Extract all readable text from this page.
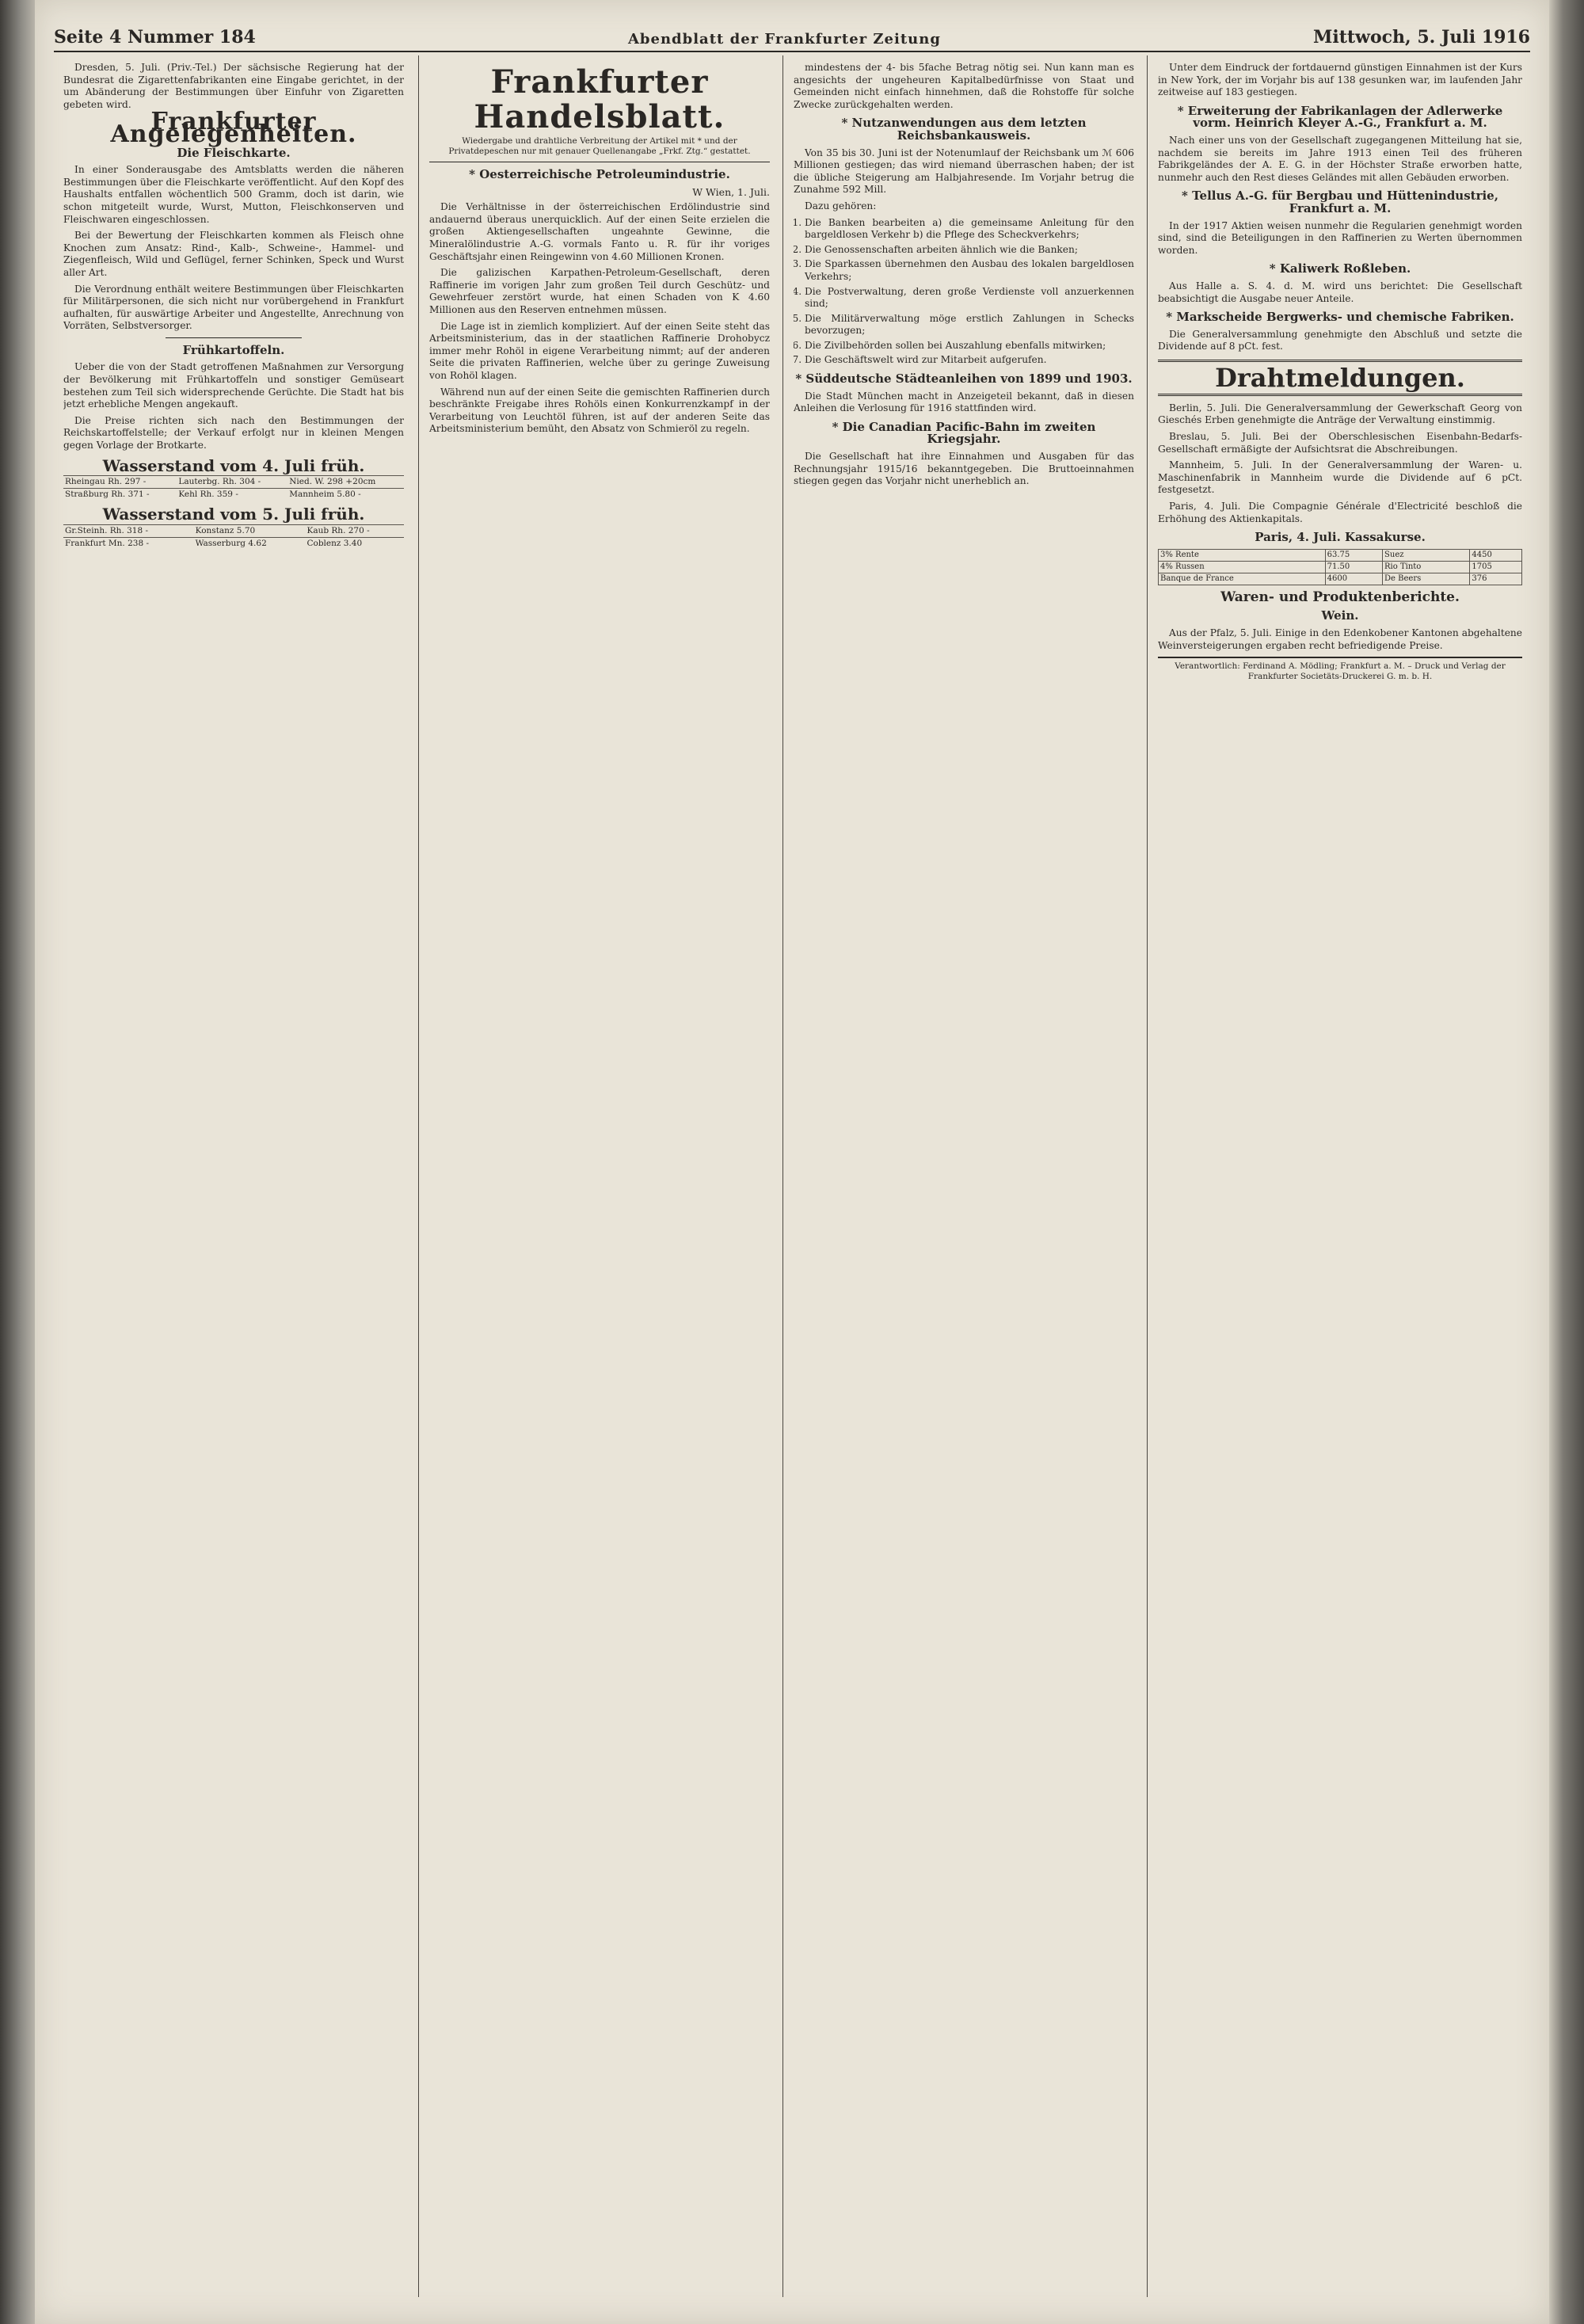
Seite 4 Nummer 184	Abendblatt der Frankfurter Zeitung	Mittwoch, 5. Juli 1916

Dresden, 5. Juli. (Priv.-Tel.) Der sächsische Regierung hat der Bundesrat die Zigarettenfabrikanten eine Eingabe gerichtet, in der um Abänderung der Bestimmungen über Einfuhr von Zigaretten gebeten wird.

Frankfurter Angelegenheiten.
Die Fleischkarte.

In einer Sonderausgabe des Amtsblatts werden die näheren Bestimmungen über die Fleischkarte veröffentlicht. Auf den Kopf des Haushalts entfallen wöchentlich 500 Gramm, doch ist darin, wie schon mitgeteilt wurde, Wurst, Mutton, Fleischkonserven und Fleischwaren eingeschlossen.

Bei der Bewertung der Fleischkarten kommen als Fleisch ohne Knochen zum Ansatz: Rind-, Kalb-, Schweine-, Hammel- und Ziegenfleisch, Wild und Geflügel, ferner Schinken, Speck und Wurst aller Art.

Die Verordnung enthält weitere Bestimmungen über Fleischkarten für Militärpersonen, die sich nicht nur vorübergehend in Frankfurt aufhalten, für auswärtige Arbeiter und Angestellte, Anrechnung von Vorräten, Selbstversorger.

Frühkartoffeln.

Ueber die von der Stadt getroffenen Maßnahmen zur Versorgung der Bevölkerung mit Frühkartoffeln und sonstiger Gemüseart bestehen zum Teil sich widersprechende Gerüchte. Die Stadt hat bis jetzt erhebliche Mengen angekauft.

Die Preise richten sich nach den Bestimmungen der Reichskartoffelstelle; der Verkauf erfolgt nur in kleinen Mengen gegen Vorlage der Brotkarte.

Wasserstand vom 4. Juli früh.
Rheingau Rh. 297 -	Lauterbg. Rh. 304 -	Nied. W. 298 +20cm
Straßburg Rh. 371 -	Kehl Rh. 359 -	Mannheim 5.80 -
Wasserstand vom 5. Juli früh.
Gr.Steinh. Rh. 318 -	Konstanz 5.70	Kaub Rh. 270 -
Frankfurt Mn. 238 -	Wasserburg 4.62	Coblenz 3.40
Frankfurter Handelsblatt.
Wiedergabe und drahtliche Verbreitung der Artikel mit * und der Privatdepeschen nur mit genauer Quellenangabe „Frkf. Ztg.“ gestattet.
* Oesterreichische Petroleumindustrie.
W Wien, 1. Juli.

Die Verhältnisse in der österreichischen Erdölindustrie sind andauernd überaus unerquicklich. Auf der einen Seite erzielen die großen Aktiengesellschaften ungeahnte Gewinne, die Mineralölindustrie A.-G. vormals Fanto u. R. für ihr voriges Geschäftsjahr einen Reingewinn von 4.60 Millionen Kronen.

Die galizischen Karpathen-Petroleum-Gesellschaft, deren Raffinerie im vorigen Jahr zum großen Teil durch Geschütz- und Gewehrfeuer zerstört wurde, hat einen Schaden von K 4.60 Millionen aus den Reserven entnehmen müssen.

Die Lage ist in ziemlich kompliziert. Auf der einen Seite steht das Arbeitsministerium, das in der staatlichen Raffinerie Drohobycz immer mehr Rohöl in eigene Verarbeitung nimmt; auf der anderen Seite die privaten Raffinerien, welche über zu geringe Zuweisung von Rohöl klagen.

Während nun auf der einen Seite die gemischten Raffinerien durch beschränkte Freigabe ihres Rohöls einen Konkurrenzkampf in der Verarbeitung von Leuchtöl führen, ist auf der anderen Seite das Arbeitsministerium bemüht, den Absatz von Schmieröl zu regeln.

mindestens der 4- bis 5fache Betrag nötig sei. Nun kann man es angesichts der ungeheuren Kapitalbedürfnisse von Staat und Gemeinden nicht einfach hinnehmen, daß die Rohstoffe für solche Zwecke zurückgehalten werden.

* Nutzanwendungen aus dem letzten Reichsbankausweis.

Von 35 bis 30. Juni ist der Notenumlauf der Reichsbank um ℳ 606 Millionen gestiegen; das wird niemand überraschen haben; der ist die übliche Steigerung am Halbjahresende. Im Vorjahr betrug die Zunahme 592 Mill.

Dazu gehören:

1. Die Banken bearbeiten a) die gemeinsame Anleitung für den bargeldlosen Verkehr b) die Pflege des Scheckverkehrs;
2. Die Genossenschaften arbeiten ähnlich wie die Banken;
3. Die Sparkassen übernehmen den Ausbau des lokalen bargeldlosen Verkehrs;
4. Die Postverwaltung, deren große Verdienste voll anzuerkennen sind;
5. Die Militärverwaltung möge erstlich Zahlungen in Schecks bevorzugen;
6. Die Zivilbehörden sollen bei Auszahlung ebenfalls mitwirken;
7. Die Geschäftswelt wird zur Mitarbeit aufgerufen.
* Süddeutsche Städteanleihen von 1899 und 1903.

Die Stadt München macht in Anzeigeteil bekannt, daß in diesen Anleihen die Verlosung für 1916 stattfinden wird.

* Die Canadian Pacific-Bahn im zweiten Kriegsjahr.

Die Gesellschaft hat ihre Einnahmen und Ausgaben für das Rechnungsjahr 1915/16 bekanntgegeben. Die Bruttoeinnahmen stiegen gegen das Vorjahr nicht unerheblich an.

Unter dem Eindruck der fortdauernd günstigen Einnahmen ist der Kurs in New York, der im Vorjahr bis auf 138 gesunken war, im laufenden Jahr zeitweise auf 183 gestiegen.

* Erweiterung der Fabrikanlagen der Adlerwerke vorm. Heinrich Kleyer A.-G., Frankfurt a. M.

Nach einer uns von der Gesellschaft zugegangenen Mitteilung hat sie, nachdem sie bereits im Jahre 1913 einen Teil des früheren Fabrikgeländes der A. E. G. in der Höchster Straße erworben hatte, nunmehr auch den Rest dieses Geländes mit allen Gebäuden erworben.

* Tellus A.-G. für Bergbau und Hüttenindustrie, Frankfurt a. M.

In der 1917 Aktien weisen nunmehr die Regularien genehmigt worden sind, sind die Beteiligungen in den Raffinerien zu Werten übernommen worden.

* Kaliwerk Roßleben.

Aus Halle a. S. 4. d. M. wird uns berichtet: Die Gesellschaft beabsichtigt die Ausgabe neuer Anteile.

* Markscheide Bergwerks- und chemische Fabriken.

Die Generalversammlung genehmigte den Abschluß und setzte die Dividende auf 8 pCt. fest.

Drahtmeldungen.

Berlin, 5. Juli. Die Generalversammlung der Gewerkschaft Georg von Gieschés Erben genehmigte die Anträge der Verwaltung einstimmig.

Breslau, 5. Juli. Bei der Oberschlesischen Eisenbahn-Bedarfs-Gesellschaft ermäßigte der Aufsichtsrat die Abschreibungen.

Mannheim, 5. Juli. In der Generalversammlung der Waren- u. Maschinenfabrik in Mannheim wurde die Dividende auf 6 pCt. festgesetzt.

Paris, 4. Juli. Die Compagnie Générale d'Electricité beschloß die Erhöhung des Aktienkapitals.

Paris, 4. Juli. Kassakurse.
3% Rente	63.75	Suez	4450
4% Russen	71.50	Rio Tinto	1705
Banque de France	4600	De Beers	376
Waren- und Produktenberichte.
Wein.

Aus der Pfalz, 5. Juli. Einige in den Edenkobener Kantonen abgehaltene Weinversteigerungen ergaben recht befriedigende Preise.

Verantwortlich: Ferdinand A. Mödling; Frankfurt a. M. – Druck und Verlag der Frankfurter Societäts-Druckerei G. m. b. H.
